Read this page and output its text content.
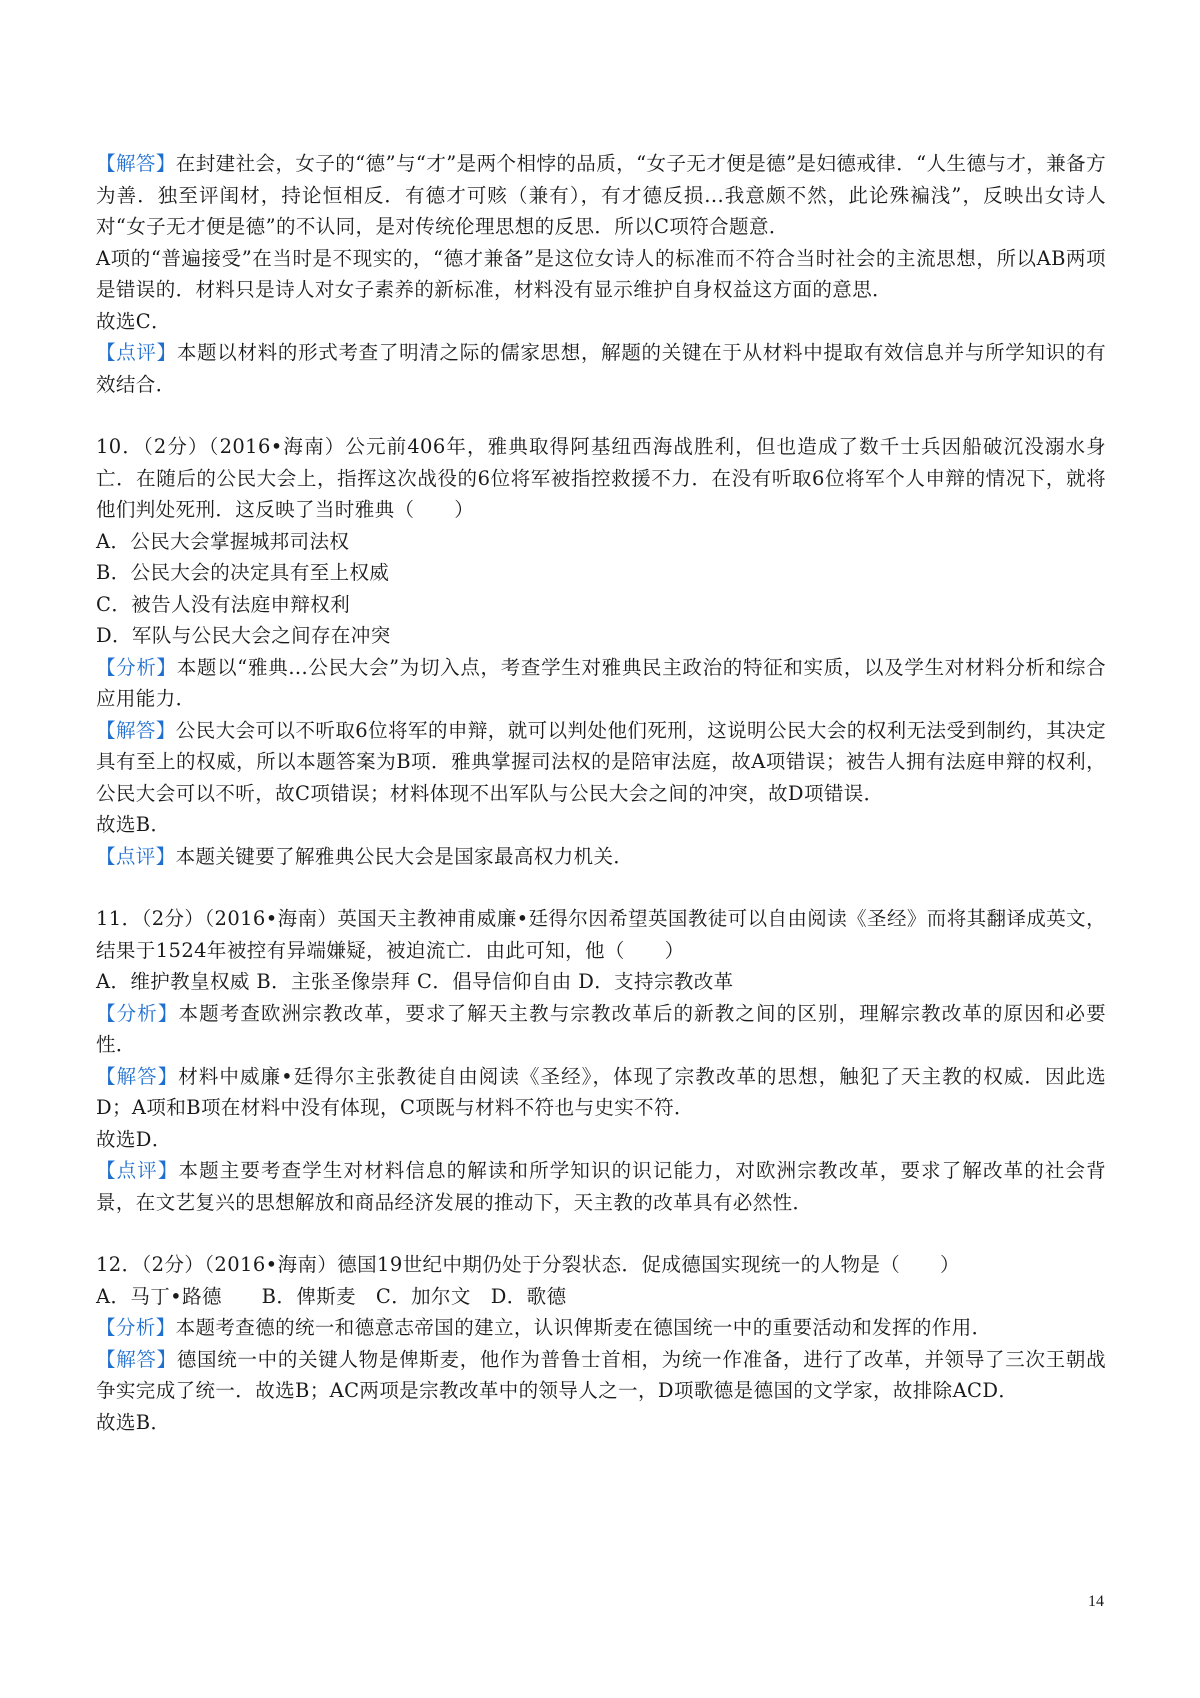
【解答】在封建社会，女子的“德”与“才”是两个相悖的品质，“女子无才便是德”是妇德戒律．“人生德与才，兼备方为善．独至评闺材，持论恒相反．有德才可赅（兼有），有才德反损...我意颇不然，此论殊褊浅”，反映出女诗人对“女子无才便是德”的不认同，是对传统伦理思想的反思．所以C项符合题意．

A项的“普遍接受”在当时是不现实的，“德才兼备”是这位女诗人的标准而不符合当时社会的主流思想，所以AB两项是错误的．材料只是诗人对女子素养的新标准，材料没有显示维护自身权益这方面的意思．

故选C．

【点评】本题以材料的形式考查了明清之际的儒家思想，解题的关键在于从材料中提取有效信息并与所学知识的有效结合．

10．（2分）（2016•海南）公元前406年，雅典取得阿基纽西海战胜利，但也造成了数千士兵因船破沉没溺水身亡．在随后的公民大会上，指挥这次战役的6位将军被指控救援不力．在没有听取6位将军个人申辩的情况下，就将他们判处死刑．这反映了当时雅典（　　）

A．公民大会掌握城邦司法权

B．公民大会的决定具有至上权威

C．被告人没有法庭申辩权利

D．军队与公民大会之间存在冲突

【分析】本题以“雅典...公民大会”为切入点，考查学生对雅典民主政治的特征和实质，以及学生对材料分析和综合应用能力．

【解答】公民大会可以不听取6位将军的申辩，就可以判处他们死刑，这说明公民大会的权利无法受到制约，其决定具有至上的权威，所以本题答案为B项．雅典掌握司法权的是陪审法庭，故A项错误；被告人拥有法庭申辩的权利，公民大会可以不听，故C项错误；材料体现不出军队与公民大会之间的冲突，故D项错误．

故选B．

【点评】本题关键要了解雅典公民大会是国家最高权力机关．

11．（2分）（2016•海南）英国天主教神甫威廉•廷得尔因希望英国教徒可以自由阅读《圣经》而将其翻译成英文，结果于1524年被控有异端嫌疑，被迫流亡．由此可知，他（　　）

A．维护教皇权威 B．主张圣像崇拜 C．倡导信仰自由 D．支持宗教改革

【分析】本题考查欧洲宗教改革，要求了解天主教与宗教改革后的新教之间的区别，理解宗教改革的原因和必要性．

【解答】材料中威廉•廷得尔主张教徒自由阅读《圣经》，体现了宗教改革的思想，触犯了天主教的权威．因此选D；A项和B项在材料中没有体现，C项既与材料不符也与史实不符．

故选D．

【点评】本题主要考查学生对材料信息的解读和所学知识的识记能力，对欧洲宗教改革，要求了解改革的社会背景，在文艺复兴的思想解放和商品经济发展的推动下，天主教的改革具有必然性．

12．（2分）（2016•海南）德国19世纪中期仍处于分裂状态．促成德国实现统一的人物是（　　）

A．马丁•路德　　B．俾斯麦　C．加尔文　D．歌德

【分析】本题考查德的统一和德意志帝国的建立，认识俾斯麦在德国统一中的重要活动和发挥的作用．

【解答】德国统一中的关键人物是俾斯麦，他作为普鲁士首相，为统一作准备，进行了改革，并领导了三次王朝战争实完成了统一．故选B；AC两项是宗教改革中的领导人之一，D项歌德是德国的文学家，故排除ACD．

故选B．

14
